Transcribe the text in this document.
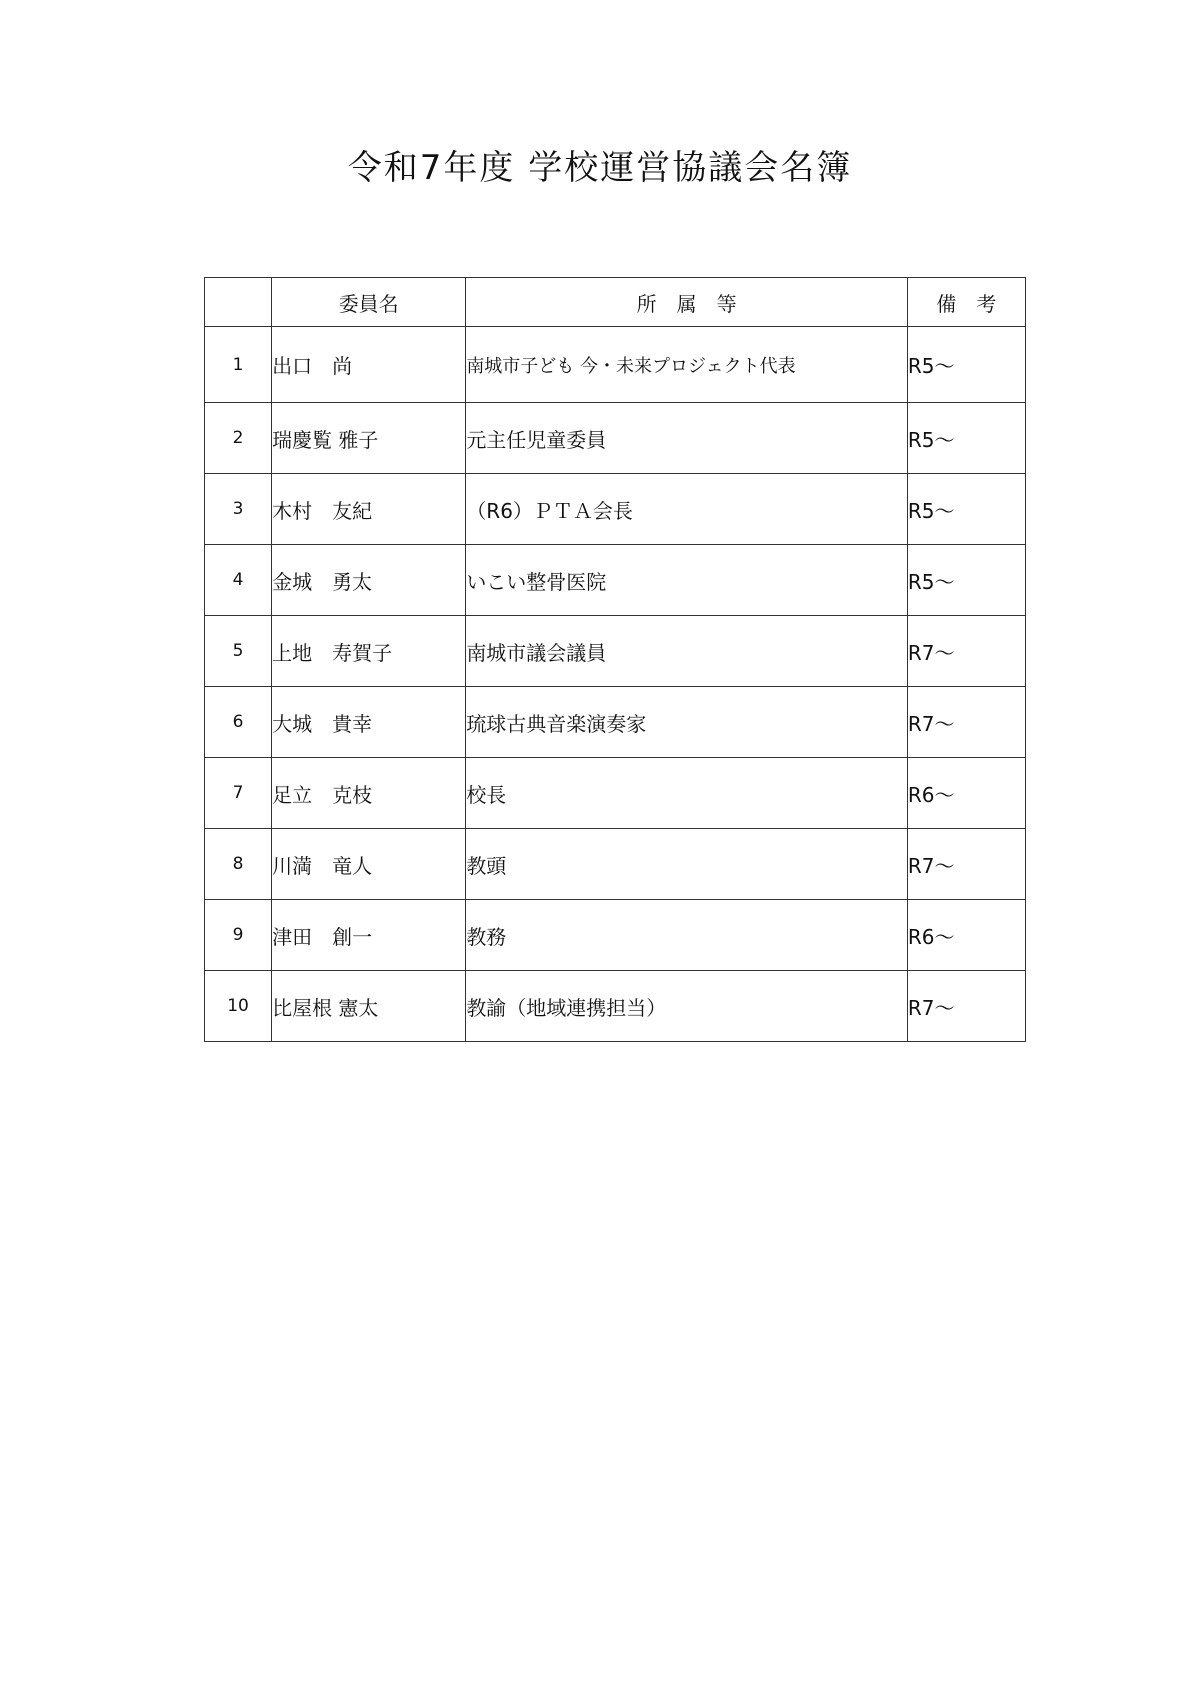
令和7年度 学校運営協議会名簿
	委員名	所　属　等	備　考
1	出口　尚	南城市子ども 今・未来プロジェクト代表	R5～
2	瑞慶覧 雅子	元主任児童委員	R5～
3	木村　友紀	（R6）ＰＴＡ会長	R5～
4	金城　勇太	いこい整骨医院	R5～
5	上地　寿賀子	南城市議会議員	R7～
6	大城　貴幸	琉球古典音楽演奏家	R7～
7	足立　克枝	校長	R6～
8	川満　竜人	教頭	R7～
9	津田　創一	教務	R6～
10	比屋根 憲太	教諭（地域連携担当）	R7～
